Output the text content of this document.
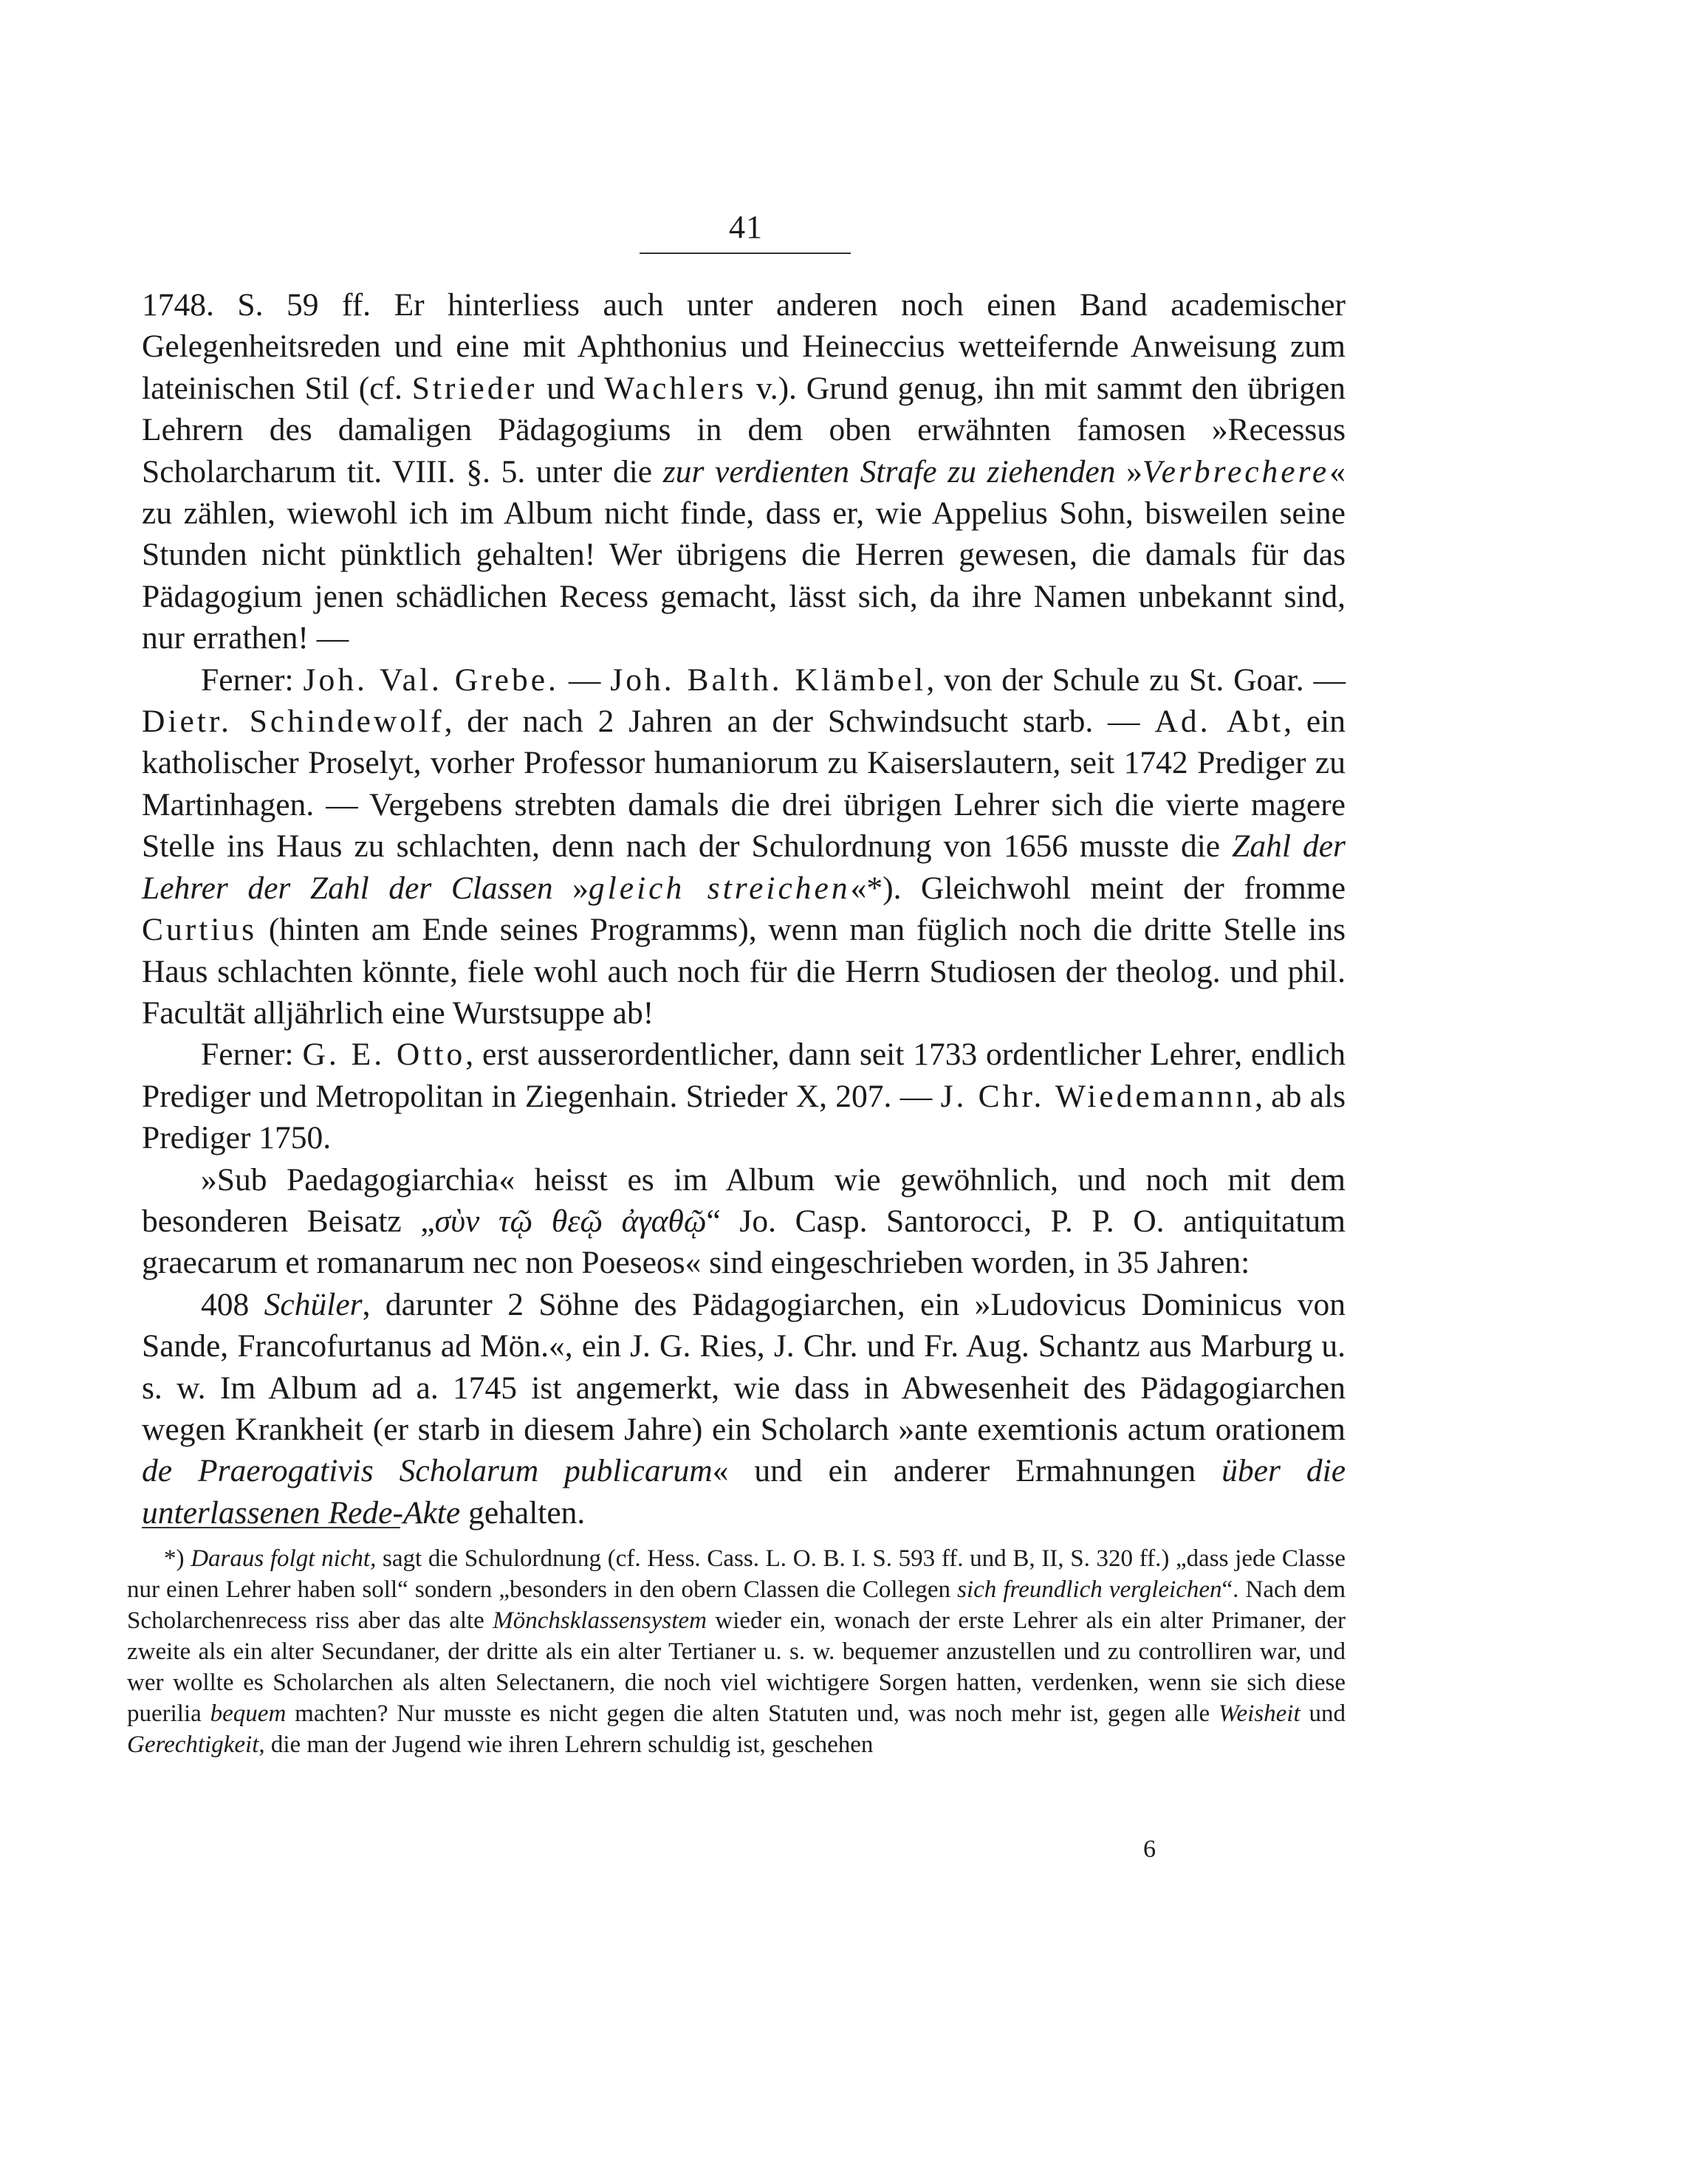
41

1748. S. 59 ff. Er hinterliess auch unter anderen noch einen Band academischer Gelegenheitsreden und eine mit Aphthonius und Heineccius wetteifernde Anweisung zum lateinischen Stil (cf. Strieder und Wachlers v.). Grund genug, ihn mit sammt den übrigen Lehrern des damaligen Pädagogiums in dem oben erwähnten famosen »Recessus Scholarcharum tit. VIII. §. 5. unter die zur verdienten Strafe zu ziehenden »Verbrechere« zu zählen, wiewohl ich im Album nicht finde, dass er, wie Appelius Sohn, bisweilen seine Stunden nicht pünktlich gehalten! Wer übrigens die Herren gewesen, die damals für das Pädagogium jenen schädlichen Recess gemacht, lässt sich, da ihre Namen unbekannt sind, nur errathen! —

Ferner: Joh. Val. Grebe. — Joh. Balth. Klämbel, von der Schule zu St. Goar. — Dietr. Schindewolf, der nach 2 Jahren an der Schwindsucht starb. — Ad. Abt, ein katholischer Proselyt, vorher Professor humaniorum zu Kaiserslautern, seit 1742 Prediger zu Martinhagen. — Vergebens strebten damals die drei übrigen Lehrer sich die vierte magere Stelle ins Haus zu schlachten, denn nach der Schulordnung von 1656 musste die Zahl der Lehrer der Zahl der Classen »gleich streichen«*). Gleichwohl meint der fromme Curtius (hinten am Ende seines Programms), wenn man füglich noch die dritte Stelle ins Haus schlachten könnte, fiele wohl auch noch für die Herrn Studiosen der theolog. und phil. Facultät alljährlich eine Wurstsuppe ab!

Ferner: G. E. Otto, erst ausserordentlicher, dann seit 1733 ordentlicher Lehrer, endlich Prediger und Metropolitan in Ziegenhain. Strieder X, 207. — J. Chr. Wiedemannn, ab als Prediger 1750.

»Sub Paedagogiarchia« heisst es im Album wie gewöhnlich, und noch mit dem besonderen Beisatz „σὺν τῷ θεῷ ἀγαθῷ“ Jo. Casp. Santorocci, P. P. O. antiquitatum graecarum et romanarum nec non Poeseos« sind eingeschrieben worden, in 35 Jahren:

408 Schüler, darunter 2 Söhne des Pädagogiarchen, ein »Ludovicus Dominicus von Sande, Francofurtanus ad Mön.«, ein J. G. Ries, J. Chr. und Fr. Aug. Schantz aus Marburg u. s. w. Im Album ad a. 1745 ist angemerkt, wie dass in Abwesenheit des Pädagogiarchen wegen Krankheit (er starb in diesem Jahre) ein Scholarch »ante exemtionis actum orationem de Praerogativis Scholarum publicarum« und ein anderer Ermahnungen über die unterlassenen Rede-Akte gehalten.

*) Daraus folgt nicht, sagt die Schulordnung (cf. Hess. Cass. L. O. B. I. S. 593 ff. und B, II, S. 320 ff.) „dass jede Classe nur einen Lehrer haben soll“ sondern „besonders in den obern Classen die Collegen sich freundlich vergleichen“. Nach dem Scholarchenrecess riss aber das alte Mönchsklassensystem wieder ein, wonach der erste Lehrer als ein alter Primaner, der zweite als ein alter Secundaner, der dritte als ein alter Tertianer u. s. w. bequemer anzustellen und zu controlliren war, und wer wollte es Scholarchen als alten Selectanern, die noch viel wichtigere Sorgen hatten, verdenken, wenn sie sich diese puerilia bequem machten? Nur musste es nicht gegen die alten Statuten und, was noch mehr ist, gegen alle Weisheit und Gerechtigkeit, die man der Jugend wie ihren Lehrern schuldig ist, geschehen

6
